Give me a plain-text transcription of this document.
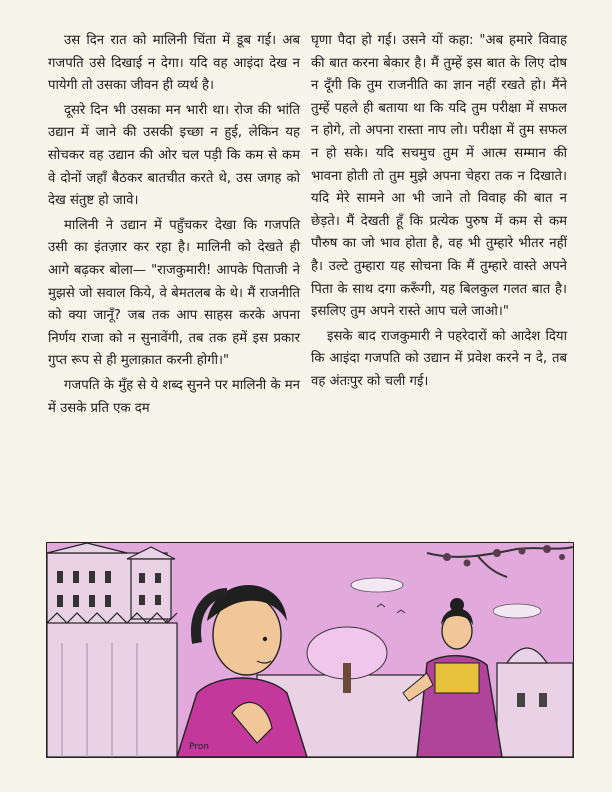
उस दिन रात को मालिनी चिंता में डूब गई। अब गजपति उसे दिखाई न देगा। यदि वह आइंदा देख न पायेगी तो उसका जीवन ही व्यर्थ है।

दूसरे दिन भी उसका मन भारी था। रोज की भांति उद्यान में जाने की उसकी इच्छा न हुई, लेकिन यह सोचकर वह उद्यान की ओर चल पड़ी कि कम से कम वे दोनों जहाँ बैठकर बातचीत करते थे, उस जगह को देख संतुष्ट हो जावे।

मालिनी ने उद्यान में पहुँचकर देखा कि गजपति उसी का इंतज़ार कर रहा है। मालिनी को देखते ही आगे बढ़कर बोला— "राजकुमारी! आपके पिताजी ने मुझसे जो सवाल किये, वे बेमतलब के थे। मैं राजनीति को क्या जानूँ? जब तक आप साहस करके अपना निर्णय राजा को न सुनावेंगी, तब तक हमें इस प्रकार गुप्त रूप से ही मुलाक़ात करनी होगी।"

गजपति के मुँह से ये शब्द सुनने पर मालिनी के मन में उसके प्रति एक दम

घृणा पैदा हो गई। उसने यों कहा: "अब हमारे विवाह की बात करना बेकार है। मैं तुम्हें इस बात के लिए दोष न दूँगी कि तुम राजनीति का ज्ञान नहीं रखते हो। मैंने तुम्हें पहले ही बताया था कि यदि तुम परीक्षा में सफल न होगे, तो अपना रास्ता नाप लो। परीक्षा में तुम सफल न हो सके। यदि सचमुच तुम में आत्म सम्मान की भावना होती तो तुम मुझे अपना चेहरा तक न दिखाते। यदि मेरे सामने आ भी जाने तो विवाह की बात न छेड़ते। मैं देखती हूँ कि प्रत्येक पुरुष में कम से कम पौरुष का जो भाव होता है, वह भी तुम्हारे भीतर नहीं है। उल्टे तुम्हारा यह सोचना कि मैं तुम्हारे वास्ते अपने पिता के साथ दगा करूँगी, यह बिलकुल गलत बात है। इसलिए तुम अपने रास्ते आप चले जाओ।"

इसके बाद राजकुमारी ने पहरेदारों को आदेश दिया कि आइंदा गजपति को उद्यान में प्रवेश करने न दे, तब वह अंतःपुर को चली गई।

Pron
